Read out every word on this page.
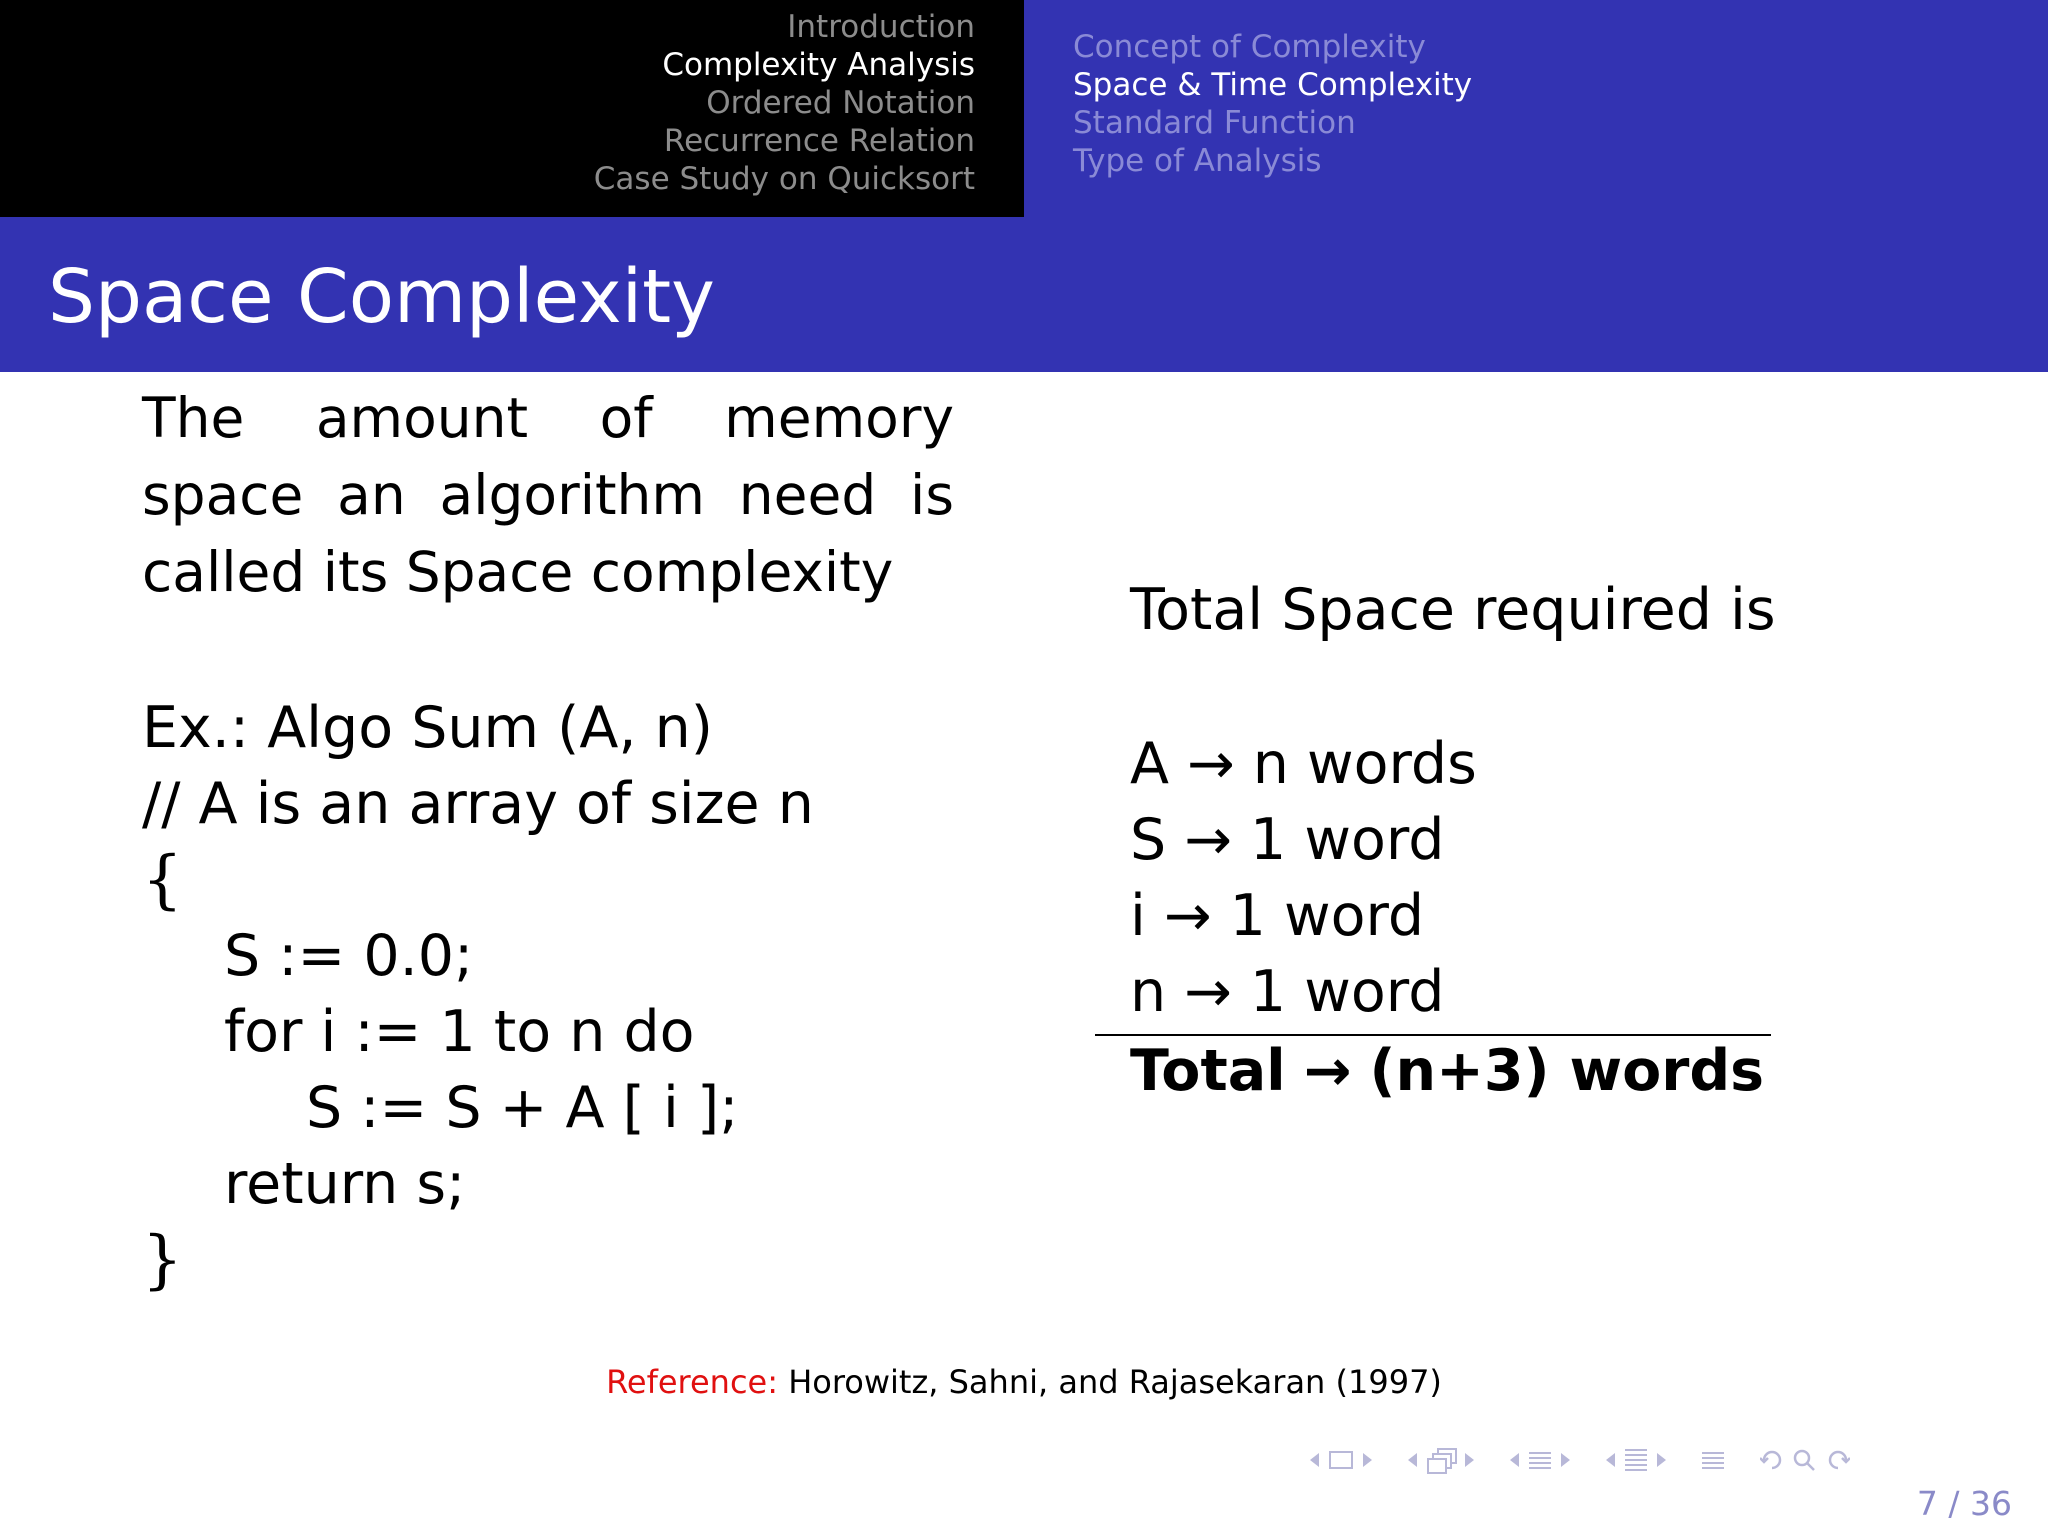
Introduction
Complexity Analysis
Ordered Notation
Recurrence Relation
Case Study on Quicksort
Concept of Complexity
Space & Time Complexity
Standard Function
Type of Analysis
Space Complexity
The amount of memory space an algorithm need is called its Space complexity
Ex.: Algo Sum (A, n)
// A is an array of size n
{
S := 0.0;
for i := 1 to n do
S := S + A [ i ];
return s;
}
Total Space required is
A → n words
S → 1 word
i → 1 word
n → 1 word
Total → (n+3) words
Reference: Horowitz, Sahni, and Rajasekaran (1997)
7 / 36
